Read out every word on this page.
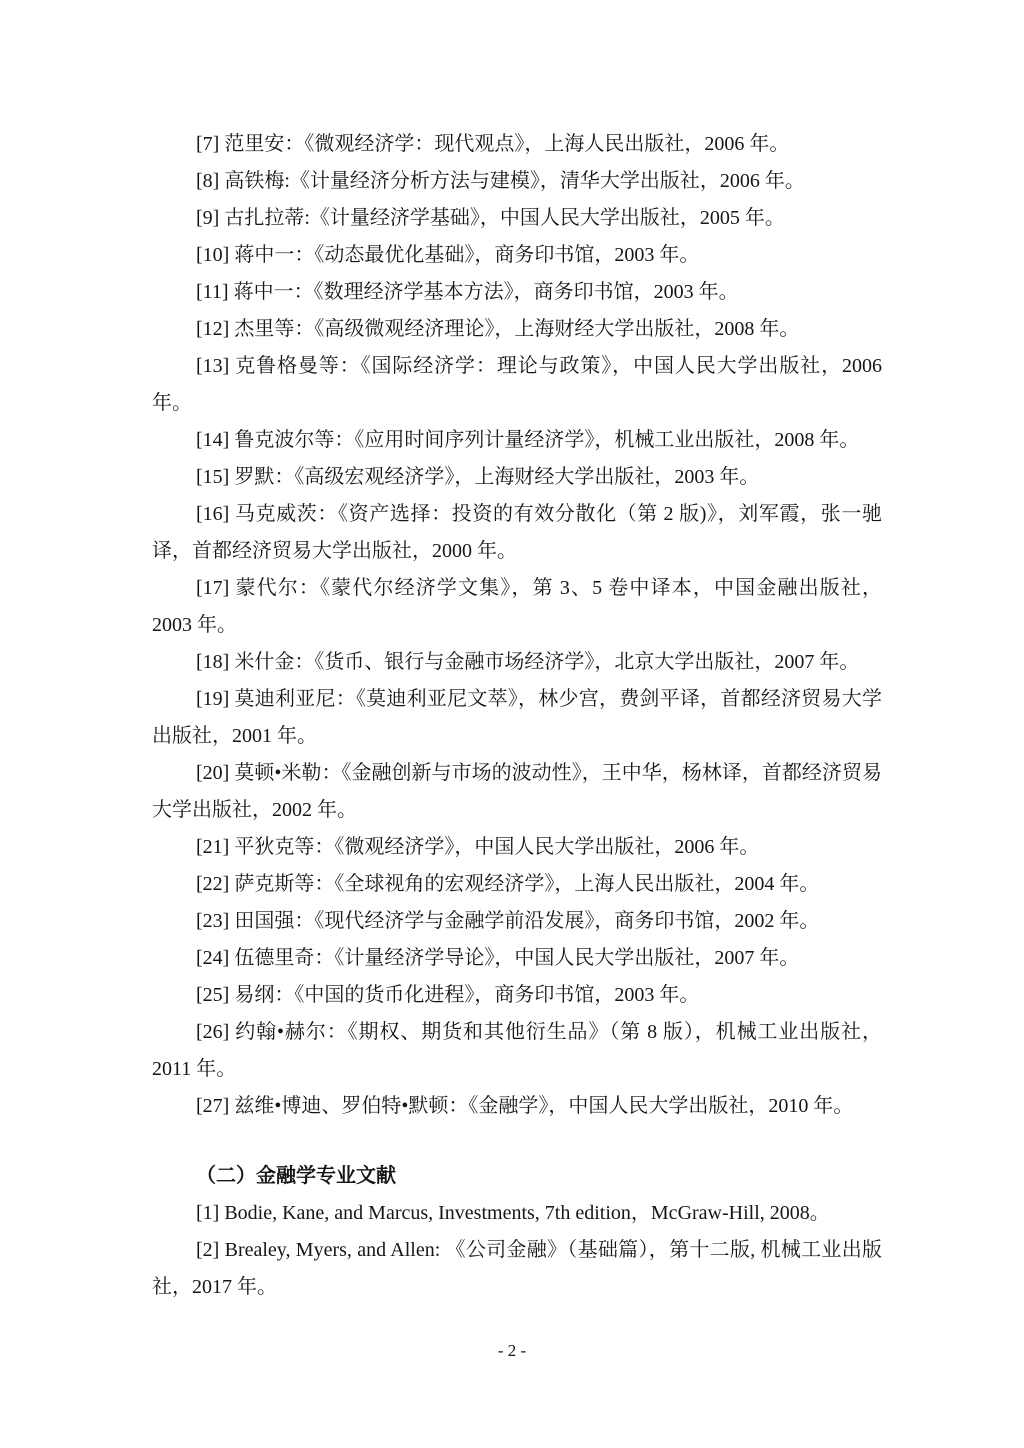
[7] 范里安：《微观经济学：现代观点》，上海人民出版社，2006 年。

[8] 高铁梅:《计量经济分析方法与建模》，清华大学出版社，2006 年。

[9] 古扎拉蒂:《计量经济学基础》，中国人民大学出版社，2005 年。

[10] 蒋中一：《动态最优化基础》，商务印书馆，2003 年。

[11] 蒋中一：《数理经济学基本方法》，商务印书馆，2003 年。

[12] 杰里等：《高级微观经济理论》，上海财经大学出版社，2008 年。

[13] 克鲁格曼等：《国际经济学：理论与政策》，中国人民大学出版社，2006 年。

[14] 鲁克波尔等：《应用时间序列计量经济学》，机械工业出版社，2008 年。

[15] 罗默：《高级宏观经济学》，上海财经大学出版社，2003 年。

[16] 马克威茨：《资产选择：投资的有效分散化（第 2 版)》，刘军霞，张一驰译，首都经济贸易大学出版社，2000 年。

[17] 蒙代尔：《蒙代尔经济学文集》，第 3、5 卷中译本，中国金融出版社，2003 年。

[18] 米什金：《货币、银行与金融市场经济学》，北京大学出版社，2007 年。

[19] 莫迪利亚尼：《莫迪利亚尼文萃》，林少宫，费剑平译，首都经济贸易大学出版社，2001 年。

[20] 莫顿•米勒：《金融创新与市场的波动性》，王中华，杨林译，首都经济贸易大学出版社，2002 年。

[21] 平狄克等：《微观经济学》，中国人民大学出版社，2006 年。

[22] 萨克斯等：《全球视角的宏观经济学》，上海人民出版社，2004 年。

[23] 田国强：《现代经济学与金融学前沿发展》，商务印书馆，2002 年。

[24] 伍德里奇：《计量经济学导论》，中国人民大学出版社，2007 年。

[25] 易纲：《中国的货币化进程》，商务印书馆，2003 年。

[26] 约翰•赫尔：《期权、期货和其他衍生品》（第 8 版），机械工业出版社，2011 年。

[27] 兹维•博迪、罗伯特•默顿：《金融学》，中国人民大学出版社，2010 年。

（二）金融学专业文献

[1] Bodie, Kane, and Marcus, Investments, 7th edition，McGraw-Hill, 2008。

[2] Brealey, Myers, and Allen: 《公司金融》（基础篇），第十二版, 机械工业出版社，2017 年。

- 2 -
